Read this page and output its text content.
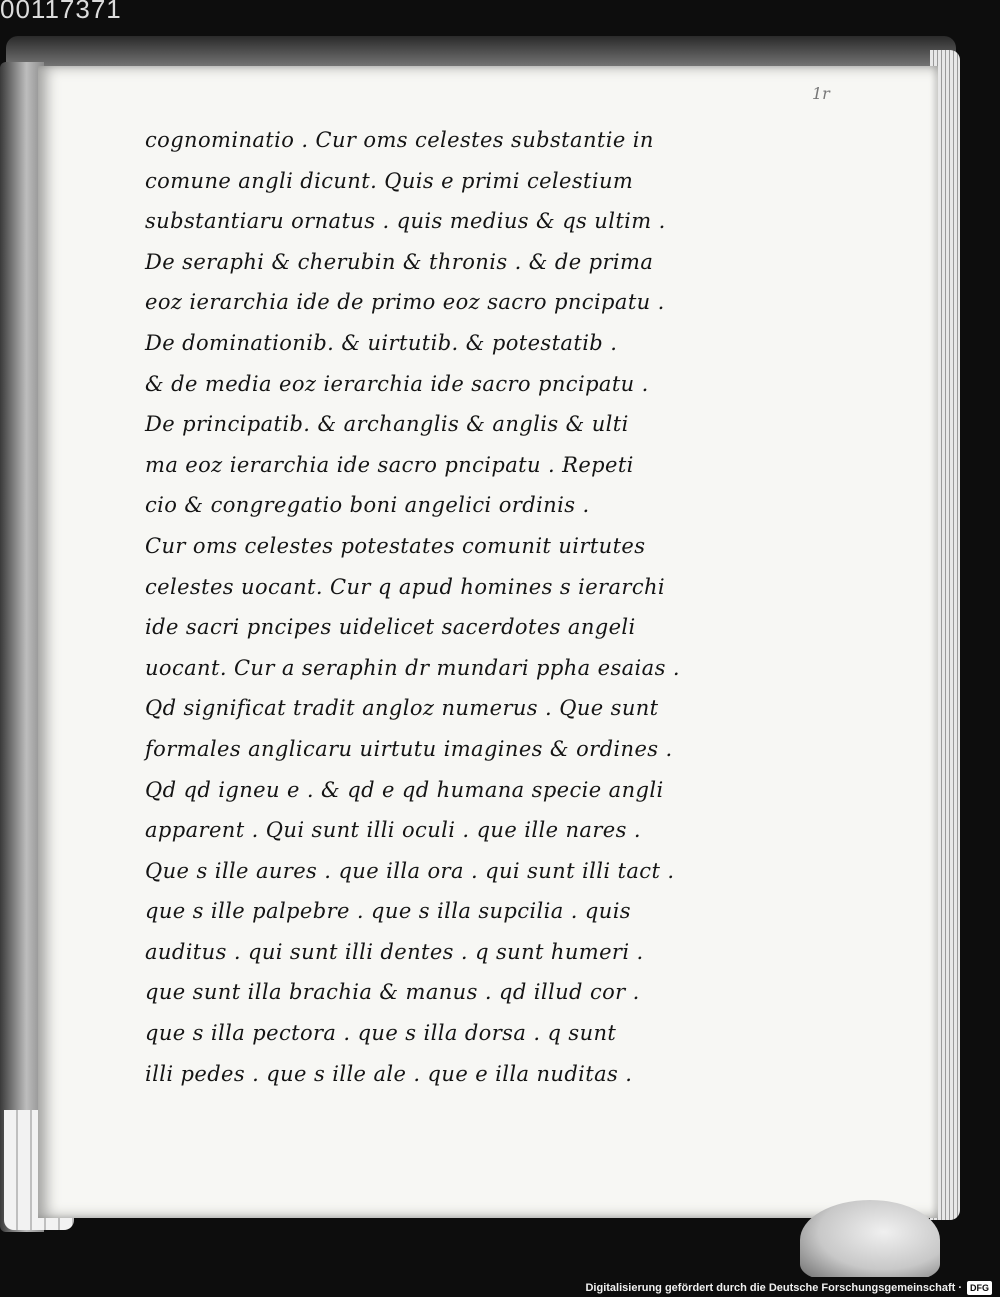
00117371
1r
cognominatio . Cur oms celestes substantie in
comune angli dicunt. Quis e primi celestium
substantiaru ornatus . quis medius & qs ultim .
De seraphi & cherubin & thronis . & de prima
eoz ierarchia ide de primo eoz sacro pncipatu .
De dominationib. & uirtutib. & potestatib .
& de media eoz ierarchia ide sacro pncipatu .
De principatib. & archanglis & anglis & ulti
ma eoz ierarchia ide sacro pncipatu . Repeti
cio & congregatio boni angelici ordinis .
Cur oms celestes potestates comunit uirtutes
celestes uocant. Cur q apud homines s ierarchi
ide sacri pncipes uidelicet sacerdotes angeli
uocant. Cur a seraphin dr mundari ppha esaias .
Qd significat tradit angloz numerus . Que sunt
formales anglicaru uirtutu imagines & ordines .
Qd qd igneu e . & qd e qd humana specie angli
apparent . Qui sunt illi oculi . que ille nares .
Que s ille aures . que illa ora . qui sunt illi tact .
que s ille palpebre . que s illa supcilia . quis
auditus . qui sunt illi dentes . q sunt humeri .
que sunt illa brachia & manus . qd illud cor .
que s illa pectora . que s illa dorsa . q sunt
illi pedes . que s ille ale . que e illa nuditas .
Digitalisierung gefördert durch die Deutsche Forschungsgemeinschaft · DFG
